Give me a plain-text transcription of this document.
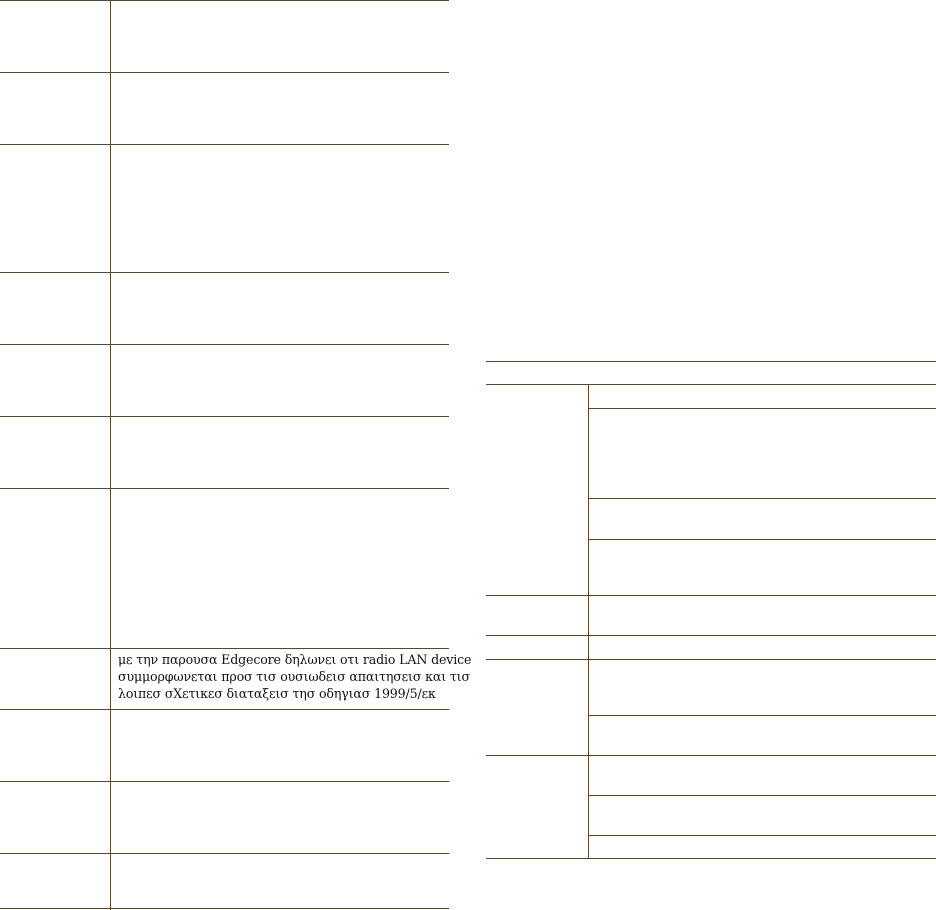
με την παρουσα Edgecore δηλωνει οτι radio LAN device
συμμορφωνεται προσ τισ ουσιωδεισ απαιτησεισ και τισ
λοιπεσ σΧετικεσ διαταξεισ τησ οδηγιασ 1999/5/εκ
